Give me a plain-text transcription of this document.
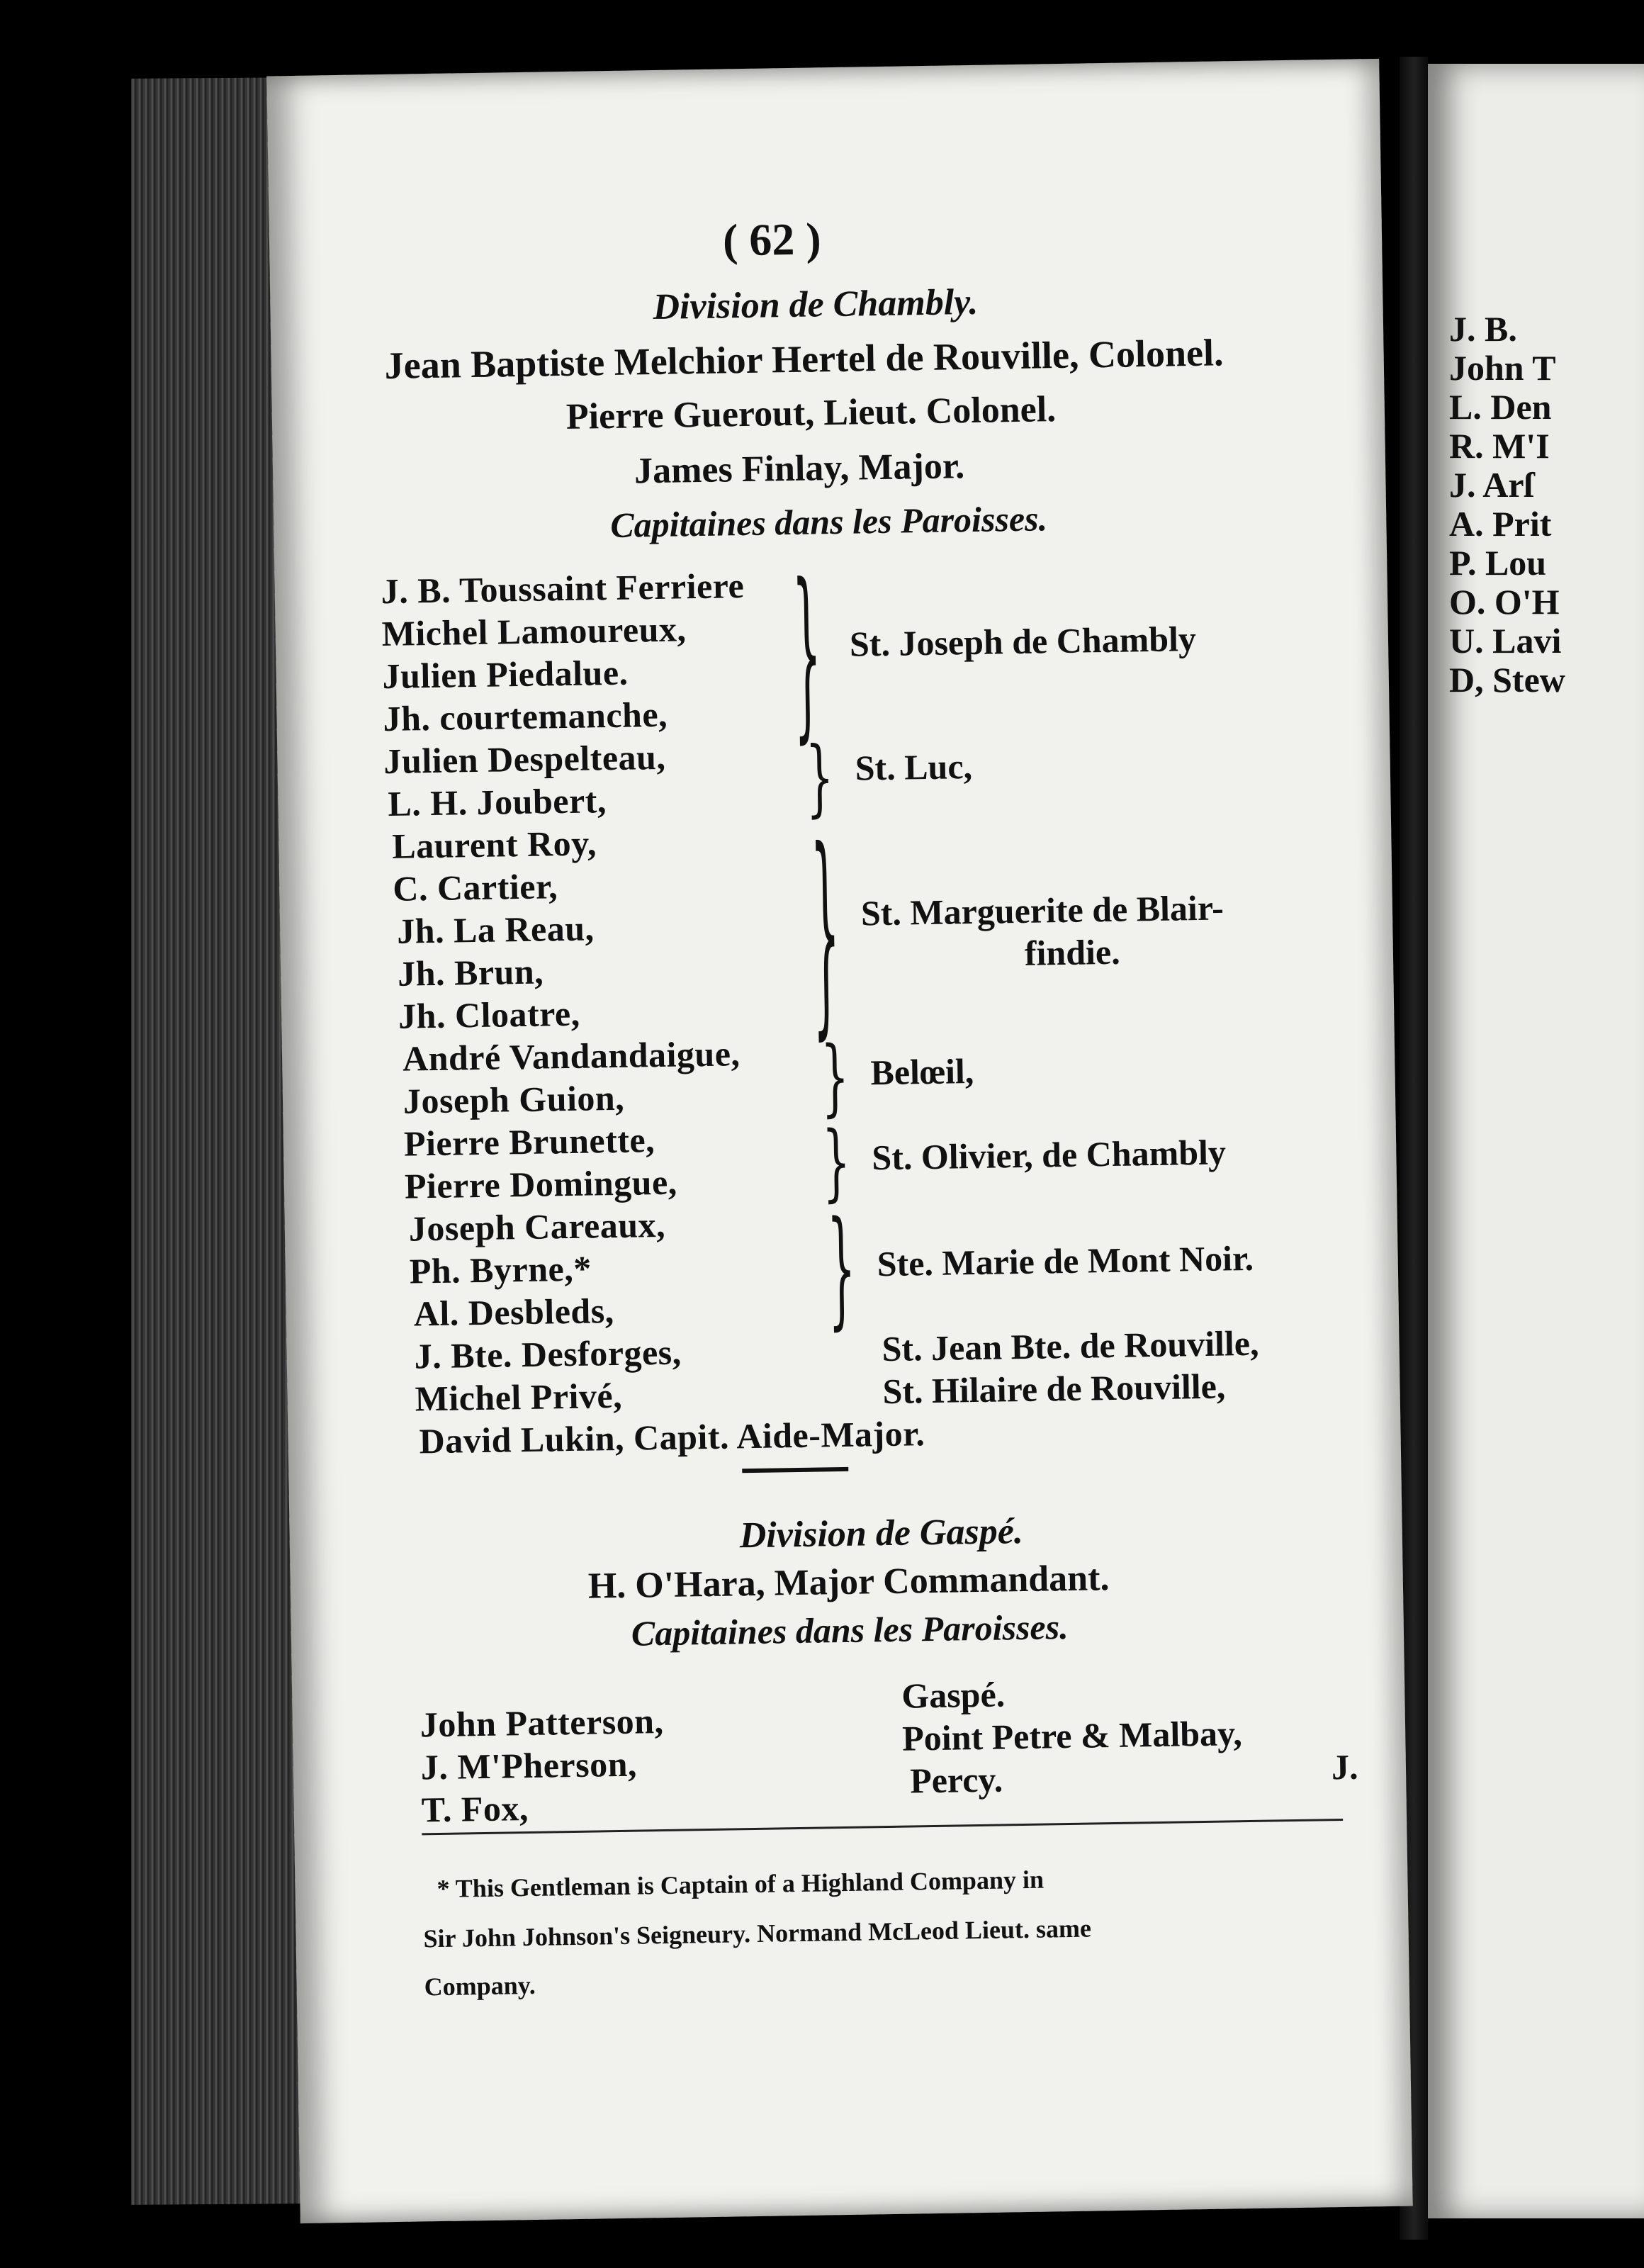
J. B.
John T
L. Den
R. M'I
J. Arſ
A. Prit
P. Lou
O. O'H
U. Lavi
D, Stew
( 62 )
Division de Chambly.
Jean Baptiste Melchior Hertel de Rouville, Colonel.
Pierre Guerout, Lieut. Colonel.
James Finlay, Major.
Capitaines dans les Paroisses.
J. B. Toussaint Ferriere
Michel Lamoureux,
Julien Piedalue.
Jh. courtemanche,
Julien Despelteau,
L. H. Joubert,
Laurent Roy,
C. Cartier,
Jh. La Reau,
Jh. Brun,
Jh. Cloatre,
André Vandandaigue,
Joseph Guion,
Pierre Brunette,
Pierre Domingue,
Joseph Careaux,
Ph. Byrne,*
Al. Desbleds,
J. Bte. Desforges,
Michel Privé,
}
}
}
}
}
}
St. Joseph de Chambly
St. Luc,
St. Marguerite de Blair-
findie.
Belœil,
St. Olivier, de Chambly
Ste. Marie de Mont Noir.
St. Jean Bte. de Rouville,
St. Hilaire de Rouville,
David Lukin, Capit. Aide-Major.
Division de Gaspé.
H. O'Hara, Major Commandant.
Capitaines dans les Paroisses.
John Patterson,
Gaspé.
J. M'Pherson,
Point Petre & Malbay,
T. Fox,
Percy.	J.
* This Gentleman is Captain of a Highland Company in
Sir John Johnson's Seigneury. Normand McLeod Lieut. same
Company.
